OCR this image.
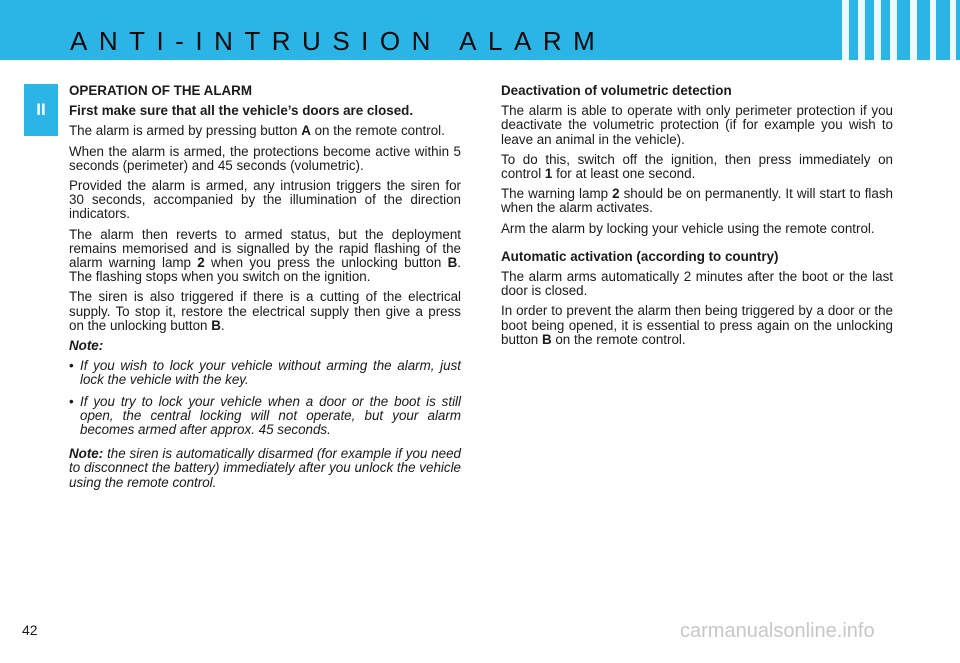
ANTI-INTRUSION ALARM
II

OPERATION OF THE ALARM

First make sure that all the vehicle’s doors are closed.

The alarm is armed by pressing button A on the remote control.

When the alarm is armed, the protections become active within 5 seconds (perimeter) and 45 seconds (volumetric).

Provided the alarm is armed, any intrusion triggers the siren for 30 seconds, accompanied by the illumination of the direction indicators.

The alarm then reverts to armed status, but the deployment remains memorised and is signalled by the rapid flashing of the alarm warning lamp 2 when you press the unlocking button B. The flashing stops when you switch on the ignition.

The siren is also triggered if there is a cutting of the electrical supply. To stop it, restore the electrical supply then give a press on the unlocking button B.

Note:

• If you wish to lock your vehicle without arming the alarm, just lock the vehicle with the key.
• If you try to lock your vehicle when a door or the boot is still open, the central locking will not operate, but your alarm becomes armed after approx. 45 seconds.

Note: the siren is automatically disarmed (for example if you need to disconnect the battery) immediately after you unlock the vehicle using the remote control.

Deactivation of volumetric detection

The alarm is able to operate with only perimeter protection if you deactivate the volumetric protection (if for example you wish to leave an animal in the vehicle).

To do this, switch off the ignition, then press immediately on control 1 for at least one second.

The warning lamp 2 should be on permanently. It will start to flash when the alarm activates.

Arm the alarm by locking your vehicle using the remote control.

Automatic activation (according to country)

The alarm arms automatically 2 minutes after the boot or the last door is closed.

In order to prevent the alarm then being triggered by a door or the boot being opened, it is essential to press again on the unlocking button B on the remote control.

42	carmanualsonline.info
